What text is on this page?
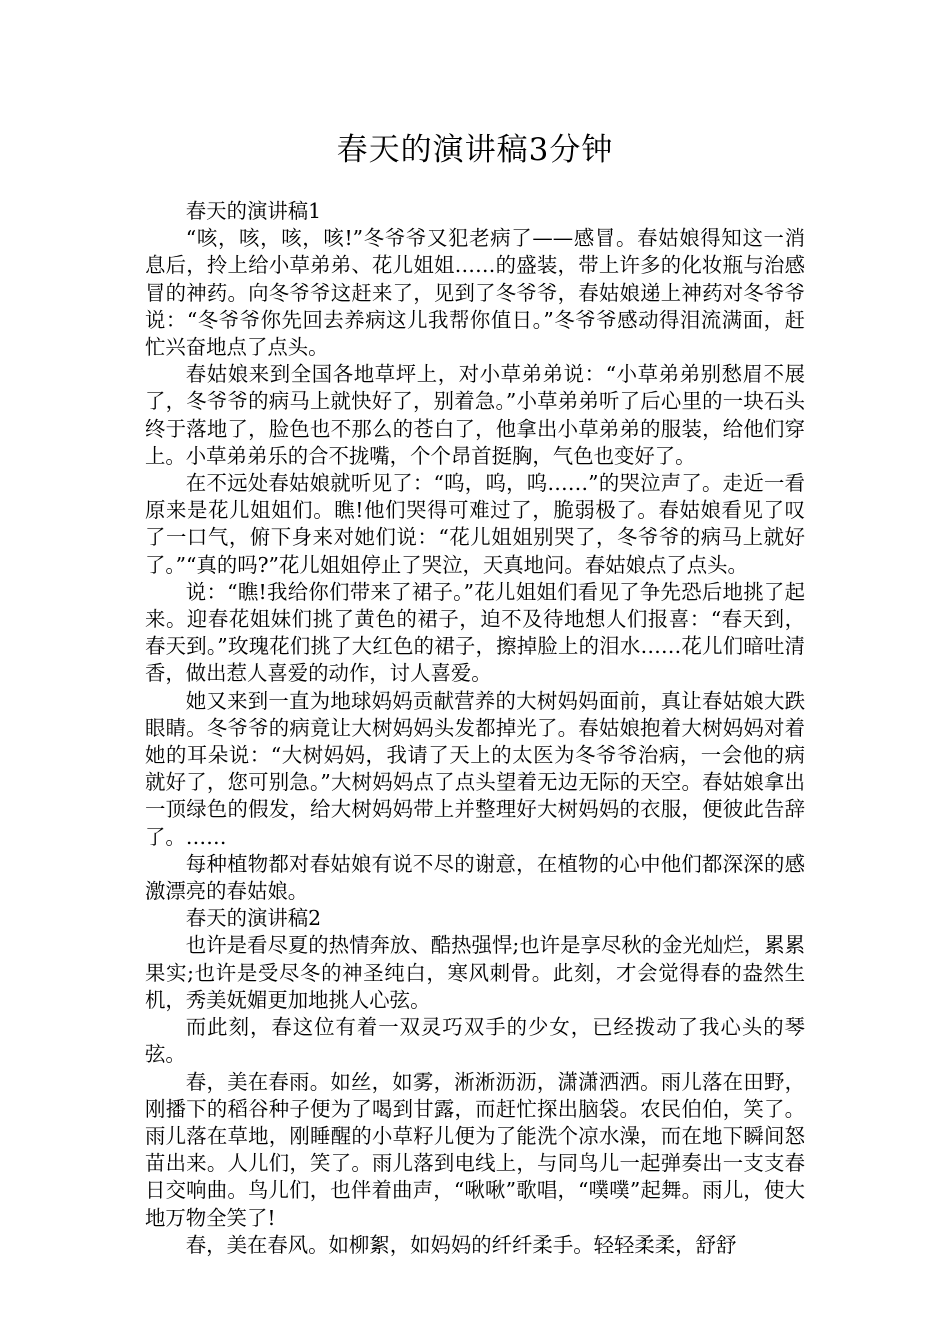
春天的演讲稿3分钟

春天的演讲稿1

“咳，咳，咳，咳!”冬爷爷又犯老病了——感冒。春姑娘得知这一消息后，拎上给小草弟弟、花儿姐姐……的盛装，带上许多的化妆瓶与治感冒的神药。向冬爷爷这赶来了，见到了冬爷爷，春姑娘递上神药对冬爷爷说：“冬爷爷你先回去养病这儿我帮你值日。”冬爷爷感动得泪流满面，赶忙兴奋地点了点头。

春姑娘来到全国各地草坪上，对小草弟弟说：“小草弟弟别愁眉不展了，冬爷爷的病马上就快好了，别着急。”小草弟弟听了后心里的一块石头终于落地了，脸色也不那么的苍白了，他拿出小草弟弟的服装，给他们穿上。小草弟弟乐的合不拢嘴，个个昂首挺胸，气色也变好了。

在不远处春姑娘就听见了：“呜，呜，呜……”的哭泣声了。走近一看原来是花儿姐姐们。瞧!他们哭得可难过了，脆弱极了。春姑娘看见了叹了一口气，俯下身来对她们说：“花儿姐姐别哭了，冬爷爷的病马上就好了。”“真的吗?”花儿姐姐停止了哭泣，天真地问。春姑娘点了点头。

说：“瞧!我给你们带来了裙子。”花儿姐姐们看见了争先恐后地挑了起来。迎春花姐妹们挑了黄色的裙子，迫不及待地想人们报喜：“春天到，春天到。”玫瑰花们挑了大红色的裙子，擦掉脸上的泪水……花儿们暗吐清香，做出惹人喜爱的动作，讨人喜爱。

她又来到一直为地球妈妈贡献营养的大树妈妈面前，真让春姑娘大跌眼睛。冬爷爷的病竟让大树妈妈头发都掉光了。春姑娘抱着大树妈妈对着她的耳朵说：“大树妈妈，我请了天上的太医为冬爷爷治病，一会他的病就好了，您可别急。”大树妈妈点了点头望着无边无际的天空。春姑娘拿出一顶绿色的假发，给大树妈妈带上并整理好大树妈妈的衣服，便彼此告辞了。……

每种植物都对春姑娘有说不尽的谢意，在植物的心中他们都深深的感激漂亮的春姑娘。

春天的演讲稿2

也许是看尽夏的热情奔放、酷热强悍;也许是享尽秋的金光灿烂，累累果实;也许是受尽冬的神圣纯白，寒风刺骨。此刻，才会觉得春的盎然生机，秀美妩媚更加地挑人心弦。

而此刻，春这位有着一双灵巧双手的少女，已经拨动了我心头的琴弦。

春，美在春雨。如丝，如雾，淅淅沥沥，潇潇洒洒。雨儿落在田野，刚播下的稻谷种子便为了喝到甘露，而赶忙探出脑袋。农民伯伯，笑了。雨儿落在草地，刚睡醒的小草籽儿便为了能洗个凉水澡，而在地下瞬间怒苗出来。人儿们，笑了。雨儿落到电线上，与同鸟儿一起弹奏出一支支春日交响曲。鸟儿们，也伴着曲声，“啾啾”歌唱，“噗噗”起舞。雨儿，使大地万物全笑了!

春，美在春风。如柳絮，如妈妈的纤纤柔手。轻轻柔柔，舒舒
